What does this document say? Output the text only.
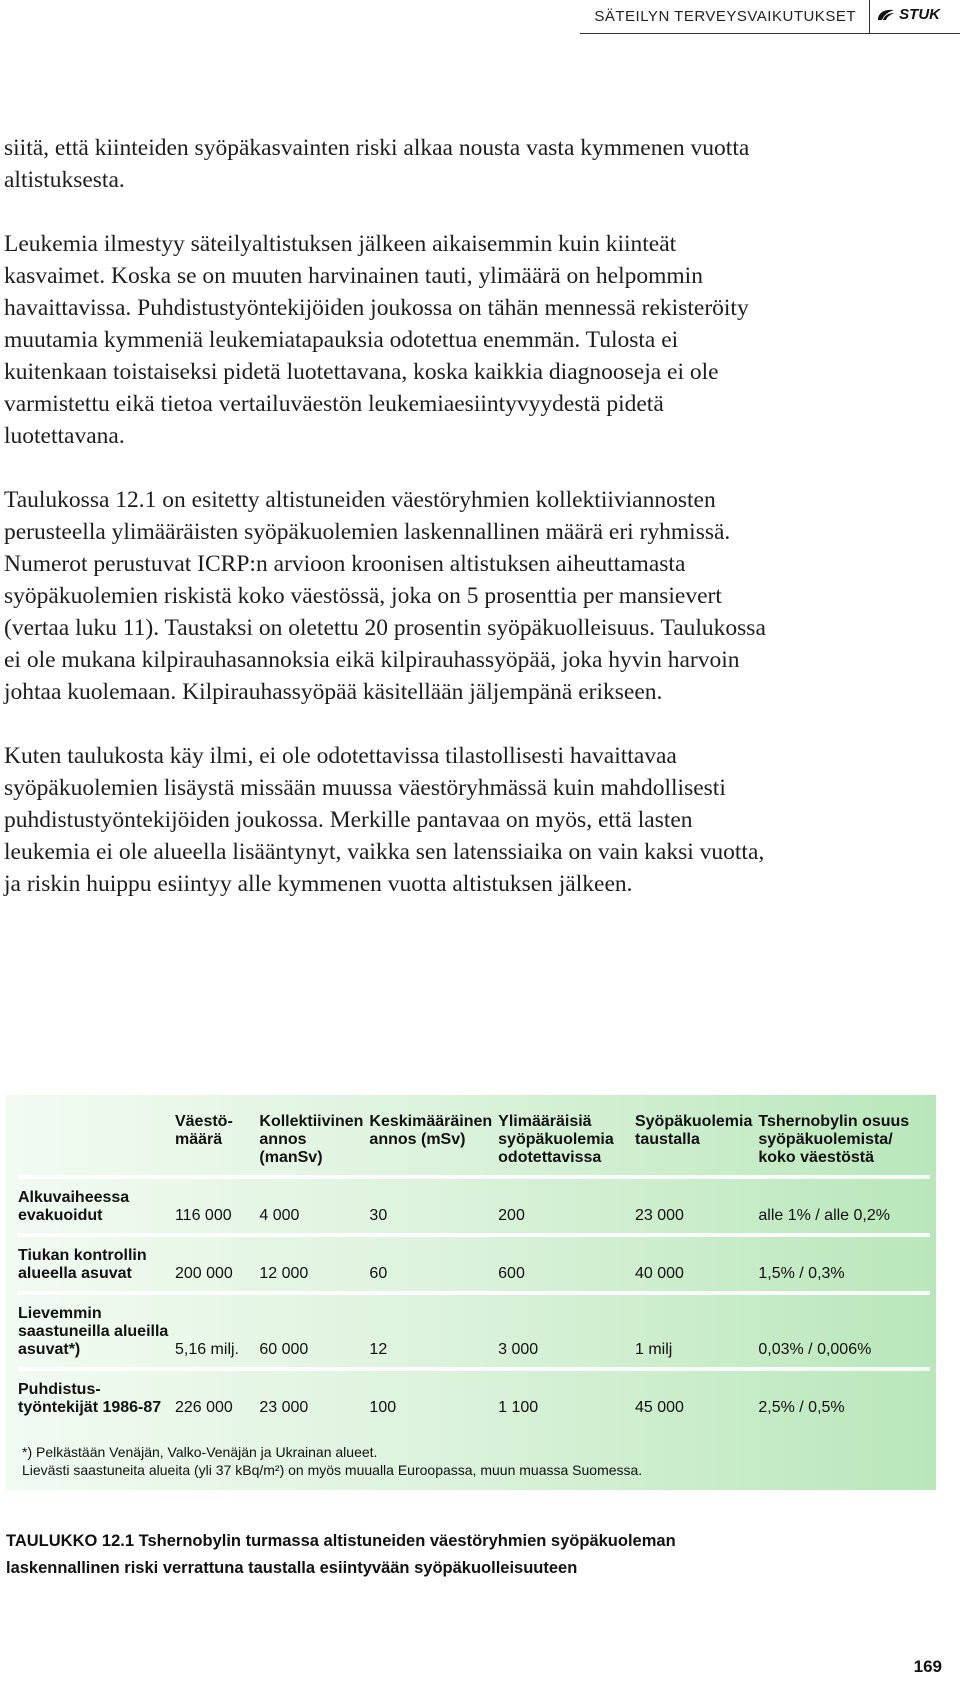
SÄTEILYN TERVEYSVAIKUTUKSET	STUK

siitä, että kiinteiden syöpäkasvainten riski alkaa nousta vasta kymmenen vuotta altistuksesta.

Leukemia ilmestyy säteilyaltistuksen jälkeen aikaisemmin kuin kiinteät kasvaimet. Koska se on muuten harvinainen tauti, ylimäärä on helpommin havaittavissa. Puhdistustyöntekijöiden joukossa on tähän mennessä rekisteröity muutamia kymmeniä leukemiatapauksia odotettua enemmän. Tulosta ei kuitenkaan toistaiseksi pidetä luotettavana, koska kaikkia diagnooseja ei ole varmistettu eikä tietoa vertailuväestön leukemiaesiintyvyydestä pidetä luotettavana.

Taulukossa 12.1 on esitetty altistuneiden väestöryhmien kollektiiviannosten perusteella ylimääräisten syöpäkuolemien laskennallinen määrä eri ryhmissä. Numerot perustuvat ICRP:n arvioon kroonisen altistuksen aiheuttamasta syöpäkuolemien riskistä koko väestössä, joka on 5 prosenttia per mansievert (vertaa luku 11). Taustaksi on oletettu 20 prosentin syöpäkuolleisuus. Taulukossa ei ole mukana kilpirauhasannoksia eikä kilpirauhassyöpää, joka hyvin harvoin johtaa kuolemaan. Kilpirauhassyöpää käsitellään jäljempänä erikseen.

Kuten taulukosta käy ilmi, ei ole odotettavissa tilastollisesti havaittavaa syöpäkuolemien lisäystä missään muussa väestöryhmässä kuin mahdollisesti puhdistustyöntekijöiden joukossa. Merkille pantavaa on myös, että lasten leukemia ei ole alueella lisääntynyt, vaikka sen latenssiaika on vain kaksi vuotta, ja riskin huippu esiintyy alle kymmenen vuotta altistuksen jälkeen.

	Väestö-määrä	Kollektiivinen annos (manSv)	Keskimääräinen annos (mSv)	Ylimääräisiä syöpäkuolemia odotettavissa	Syöpäkuolemia taustalla	Tshernobylin osuus syöpäkuolemista/ koko väestöstä
Alkuvaiheessa evakuoidut	116 000	4 000	30	200	23 000	alle 1% / alle 0,2%
Tiukan kontrollin alueella asuvat	200 000	12 000	60	600	40 000	1,5% / 0,3%
Lievemmin saastuneilla alueilla asuvat*)	5,16 milj.	60 000	12	3 000	1 milj	0,03% / 0,006%
Puhdistus-työntekijät 1986-87	226 000	23 000	100	1 100	45 000	2,5% / 0,5%
*) Pelkästään Venäjän, Valko-Venäjän ja Ukrainan alueet.
Lievästi saastuneita alueita (yli 37 kBq/m²) on myös muualla Euroopassa, muun muassa Suomessa.
TAULUKKO 12.1 Tshernobylin turmassa altistuneiden väestöryhmien syöpäkuoleman laskennallinen riski verrattuna taustalla esiintyvään syöpäkuolleisuuteen
169
